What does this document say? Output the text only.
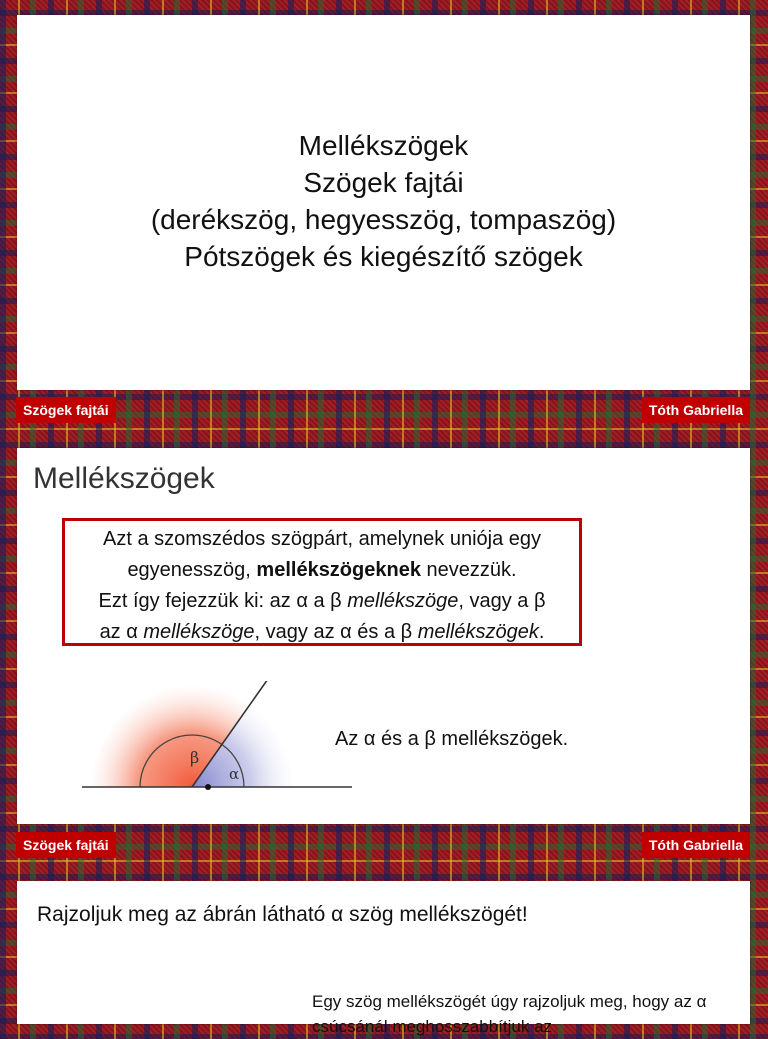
Mellékszögek
Szögek fajtái
(derékszög, hegyesszög, tompaszög)
Pótszögek és kiegészítő szögek
Szögek fajtái	Tóth Gabriella
Mellékszögek
Azt a szomszédos szögpárt, amelynek uniója egy
egyenesszög, mellékszögeknek nevezzük.
Ezt így fejezzük ki: az α a β mellékszöge, vagy a β
az α mellékszöge, vagy az α és a β mellékszögek.
β
α
Az α és a β mellékszögek.
Szögek fajtái	Tóth Gabriella
Rajzoljuk meg az ábrán látható α szög mellékszögét!
Egy szög mellékszögét úgy rajzoljuk meg, hogy az α csúcsánál meghosszabbítjuk az
